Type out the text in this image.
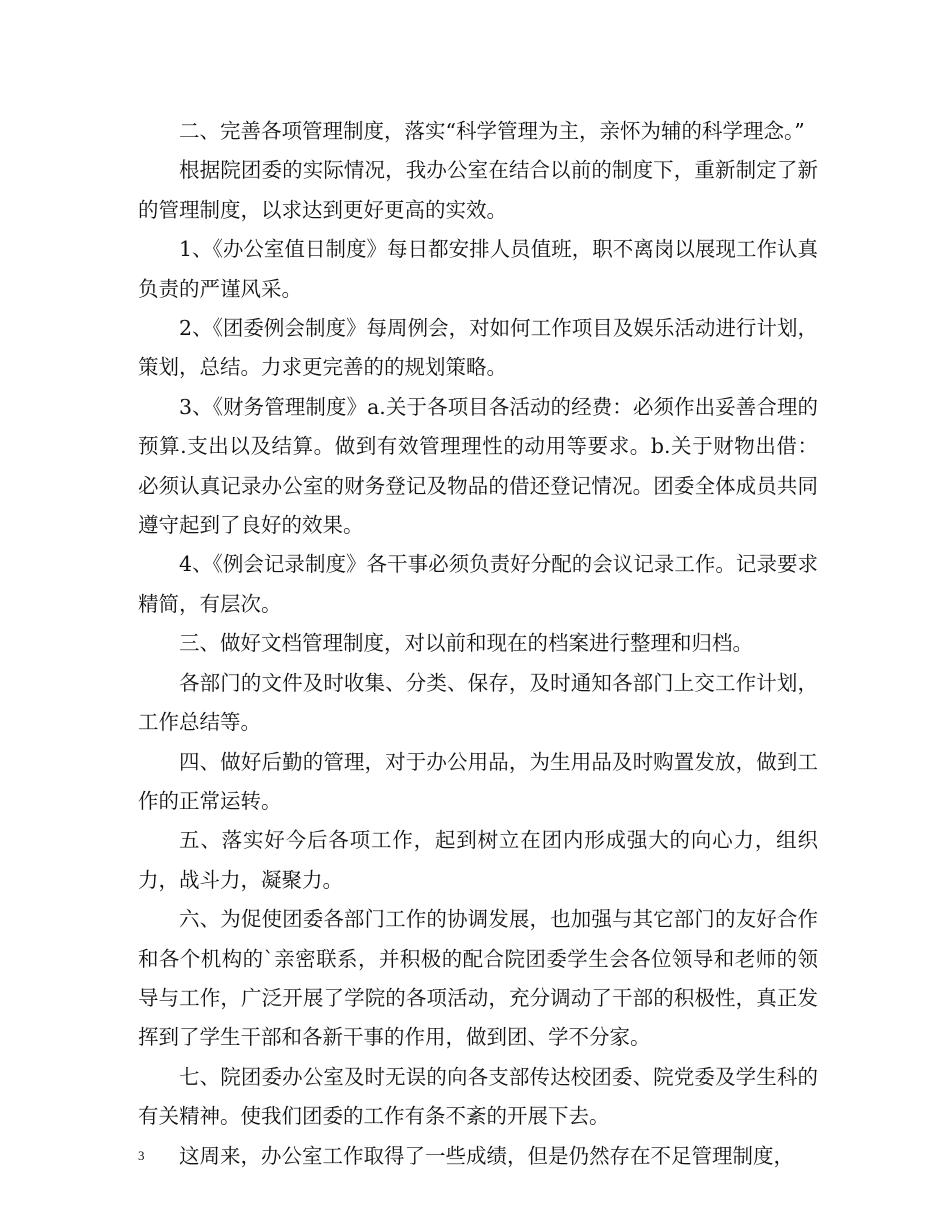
二、完善各项管理制度，落实“科学管理为主，亲怀为辅的科学理念。”

根据院团委的实际情况，我办公室在结合以前的制度下，重新制定了新的管理制度，以求达到更好更高的实效。

1、《办公室值日制度》每日都安排人员值班，职不离岗以展现工作认真负责的严谨风采。

2、《团委例会制度》每周例会，对如何工作项目及娱乐活动进行计划，策划，总结。力求更完善的的规划策略。

3、《财务管理制度》a.关于各项目各活动的经费：必须作出妥善合理的预算.支出以及结算。做到有效管理理性的动用等要求。b.关于财物出借：必须认真记录办公室的财务登记及物品的借还登记情况。团委全体成员共同遵守起到了良好的效果。

4、《例会记录制度》各干事必须负责好分配的会议记录工作。记录要求精简，有层次。

三、做好文档管理制度，对以前和现在的档案进行整理和归档。

各部门的文件及时收集、分类、保存，及时通知各部门上交工作计划，工作总结等。

四、做好后勤的管理，对于办公用品，为生用品及时购置发放，做到工作的正常运转。

五、落实好今后各项工作，起到树立在团内形成强大的向心力，组织力，战斗力，凝聚力。

六、为促使团委各部门工作的协调发展，也加强与其它部门的友好合作和各个机构的`亲密联系，并积极的配合院团委学生会各位领导和老师的领导与工作，广泛开展了学院的各项活动，充分调动了干部的积极性，真正发挥到了学生干部和各新干事的作用，做到团、学不分家。

七、院团委办公室及时无误的向各支部传达校团委、院党委及学生科的有关精神。使我们团委的工作有条不紊的开展下去。

这周来，办公室工作取得了一些成绩，但是仍然存在不足管理制度，

3
